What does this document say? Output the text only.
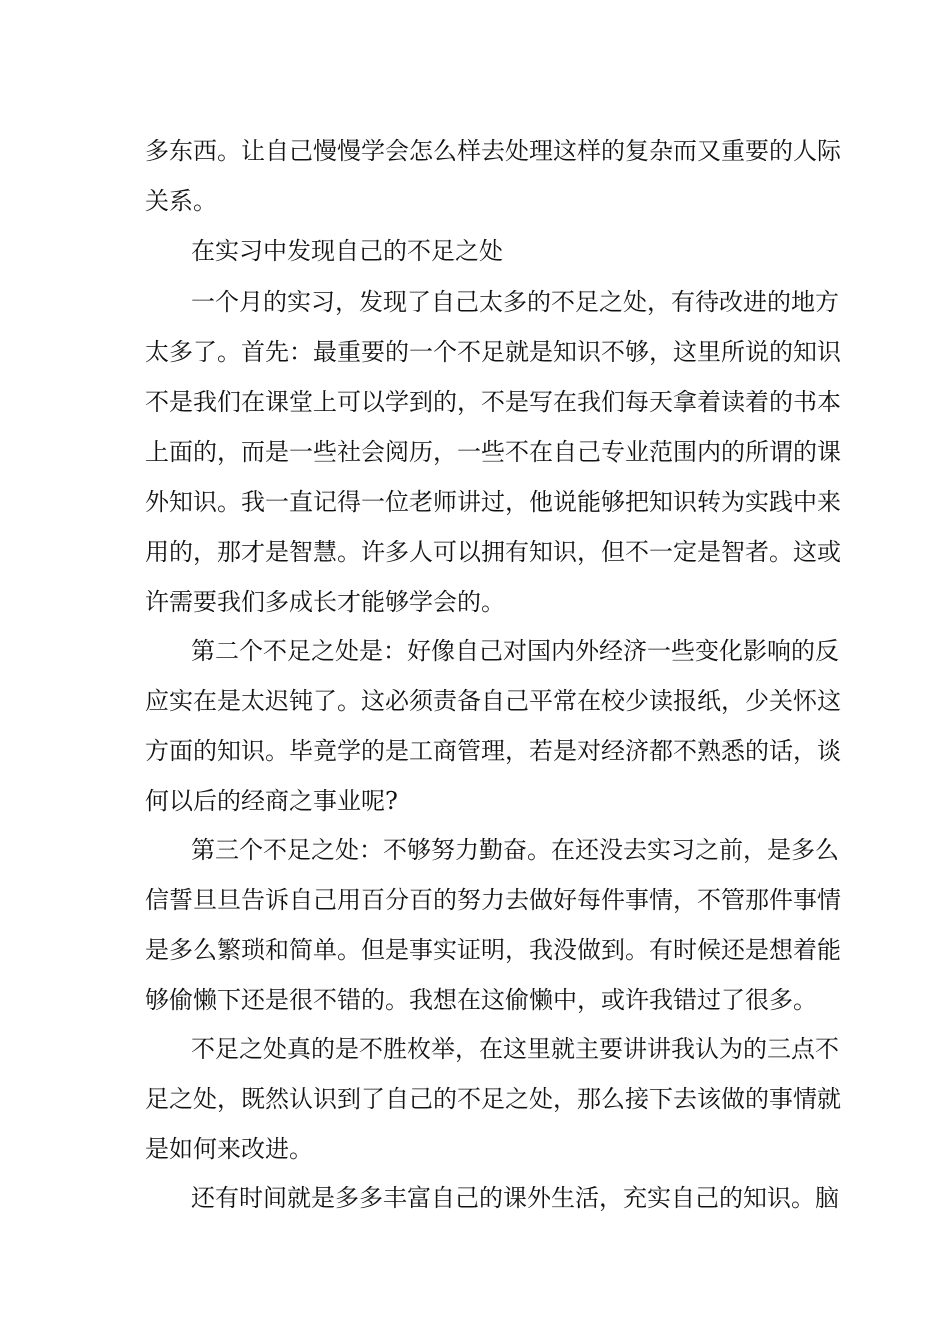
多东西。让自己慢慢学会怎么样去处理这样的复杂而又重要的人际
关系。
在实习中发现自己的不足之处
一个月的实习，发现了自己太多的不足之处，有待改进的地方
太多了。首先：最重要的一个不足就是知识不够，这里所说的知识
不是我们在课堂上可以学到的，不是写在我们每天拿着读着的书本
上面的，而是一些社会阅历，一些不在自己专业范围内的所谓的课
外知识。我一直记得一位老师讲过，他说能够把知识转为实践中来
用的，那才是智慧。许多人可以拥有知识，但不一定是智者。这或
许需要我们多成长才能够学会的。
第二个不足之处是：好像自己对国内外经济一些变化影响的反
应实在是太迟钝了。这必须责备自己平常在校少读报纸，少关怀这
方面的知识。毕竟学的是工商管理，若是对经济都不熟悉的话，谈
何以后的经商之事业呢?
第三个不足之处：不够努力勤奋。在还没去实习之前，是多么
信誓旦旦告诉自己用百分百的努力去做好每件事情，不管那件事情
是多么繁琐和简单。但是事实证明，我没做到。有时候还是想着能
够偷懒下还是很不错的。我想在这偷懒中，或许我错过了很多。
不足之处真的是不胜枚举，在这里就主要讲讲我认为的三点不
足之处，既然认识到了自己的不足之处，那么接下去该做的事情就
是如何来改进。
还有时间就是多多丰富自己的课外生活，充实自己的知识。脑
